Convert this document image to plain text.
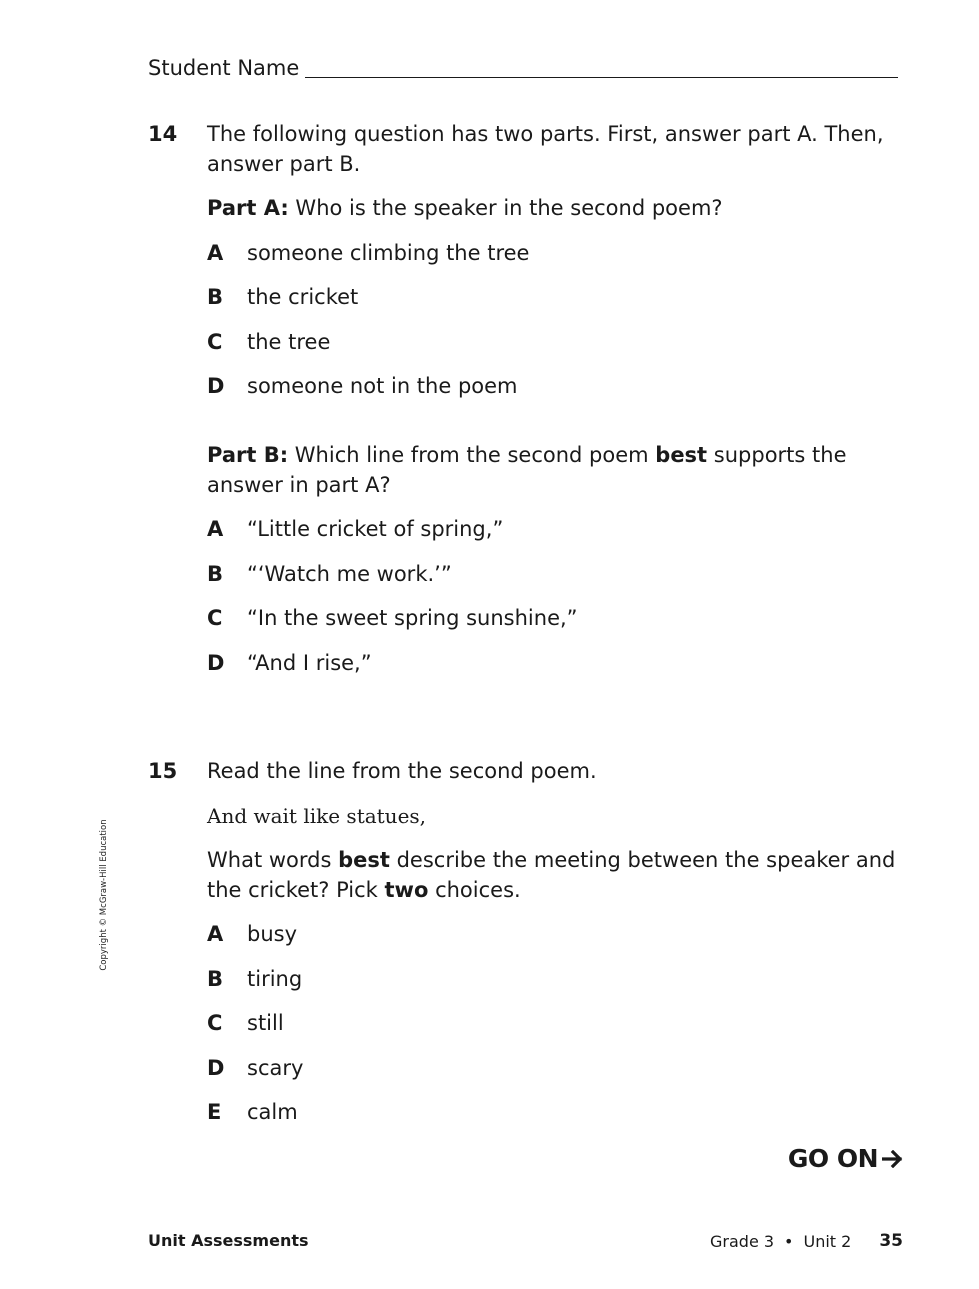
Student Name
14	The following question has two parts. First, answer part A. Then, answer part B.
Part A: Who is the speaker in the second poem?
A someone climbing the tree
B the cricket
C the tree
D someone not in the poem
Part B: Which line from the second poem best supports the answer in part A?
A “Little cricket of spring,”
B “‘Watch me work.’”
C “In the sweet spring sunshine,”
D “And I rise,”
15	Read the line from the second poem.
And wait like statues,
What words best describe the meeting between the speaker and the cricket? Pick two choices.
A busy
B tiring
C still
D scary
E calm
Copyright © McGraw-Hill Education
GO ON
Unit Assessments	Grade 3 • Unit 2 35
